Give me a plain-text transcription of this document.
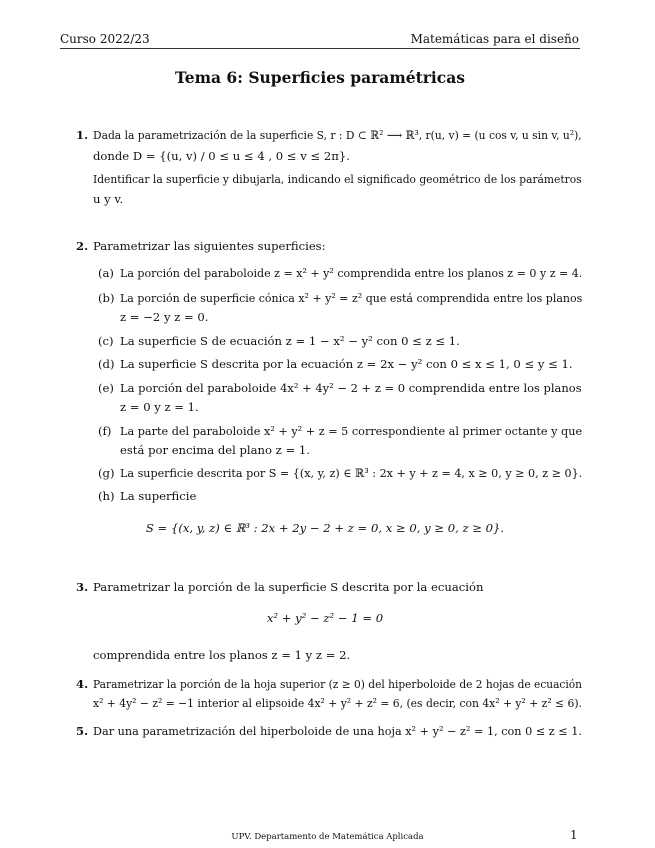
Curso 2022/23	Matemáticas para el diseño
Tema 6: Superficies paramétricas
1. Dada la parametrización de la superficie S, r : D ⊂ ℝ² ⟶ ℝ³, r(u, v) = (u cos v, u sin v, u²),
donde D = {(u, v) / 0 ≤ u ≤ 4 , 0 ≤ v ≤ 2π}.
Identificar la superficie y dibujarla, indicando el significado geométrico de los parámetros
u y v.
2. Parametrizar las siguientes superficies:
(a) La porción del paraboloide z = x² + y² comprendida entre los planos z = 0 y z = 4.
(b) La porción de superficie cónica x² + y² = z² que está comprendida entre los planos
z = −2 y z = 0.
(c) La superficie S de ecuación z = 1 − x² − y² con 0 ≤ z ≤ 1.
(d) La superficie S descrita por la ecuación z = 2x − y² con 0 ≤ x ≤ 1, 0 ≤ y ≤ 1.
(e) La porción del paraboloide 4x² + 4y² − 2 + z = 0 comprendida entre los planos
z = 0 y z = 1.
(f) La parte del paraboloide x² + y² + z = 5 correspondiente al primer octante y que
está por encima del plano z = 1.
(g) La superficie descrita por S = {(x, y, z) ∈ ℝ³ : 2x + y + z = 4, x ≥ 0, y ≥ 0, z ≥ 0}.
(h) La superficie
S = {(x, y, z) ∈ ℝ³ : 2x + 2y − 2 + z = 0, x ≥ 0, y ≥ 0, z ≥ 0}.
3. Parametrizar la porción de la superficie S descrita por la ecuación
x² + y² − z² − 1 = 0
comprendida entre los planos z = 1 y z = 2.
4. Parametrizar la porción de la hoja superior (z ≥ 0) del hiperboloide de 2 hojas de ecuación
x² + 4y² − z² = −1 interior al elipsoide 4x² + y² + z² = 6, (es decir, con 4x² + y² + z² ≤ 6).
5. Dar una parametrización del hiperboloide de una hoja x² + y² − z² = 1, con 0 ≤ z ≤ 1.
UPV. Departamento de Matemática Aplicada	1
